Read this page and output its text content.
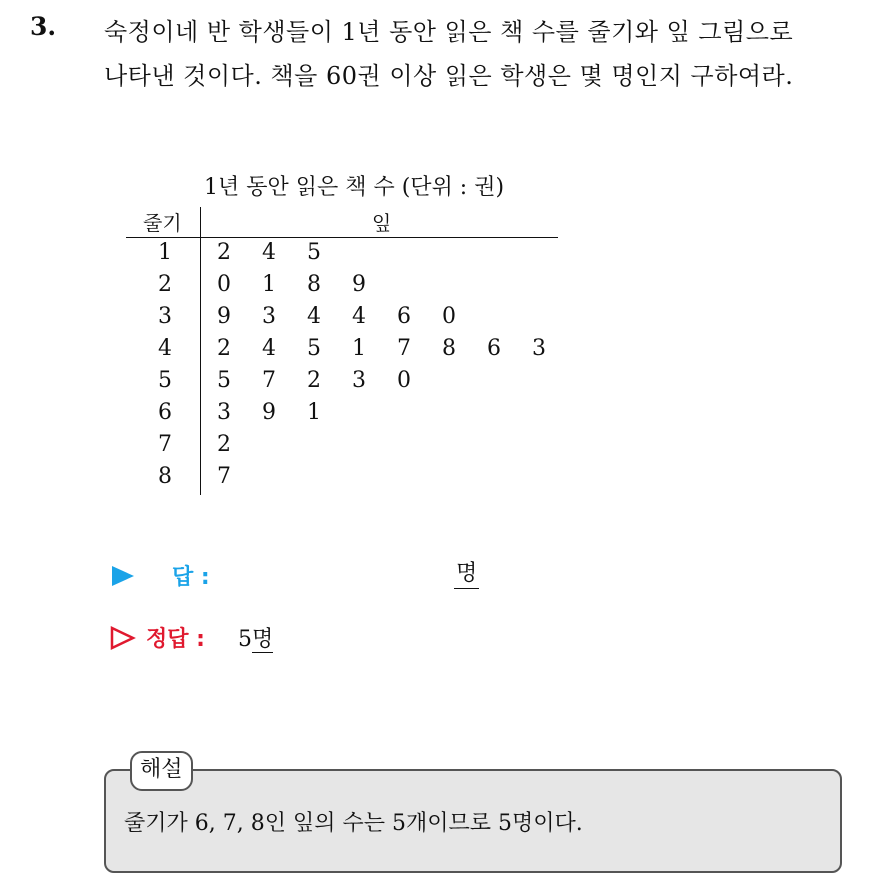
3. 숙정이네 반 학생들이 1년 동안 읽은 책 수를 줄기와 잎 그림으로
나타낸 것이다. 책을 60권 이상 읽은 학생은 몇 명인지 구하여라.
1년 동안 읽은 책 수 (단위 : 권)
줄기	잎
1 2 4 5
2 0 1 8 9
3 9 3 4 4 6 0
4 2 4 5 1 7 8 6 3
5 5 7 2 3 0
6 3 9 1
7 2
8 7
답 :	명
정답 : 5명
해설
줄기가 6, 7, 8인 잎의 수는 5개이므로 5명이다.
